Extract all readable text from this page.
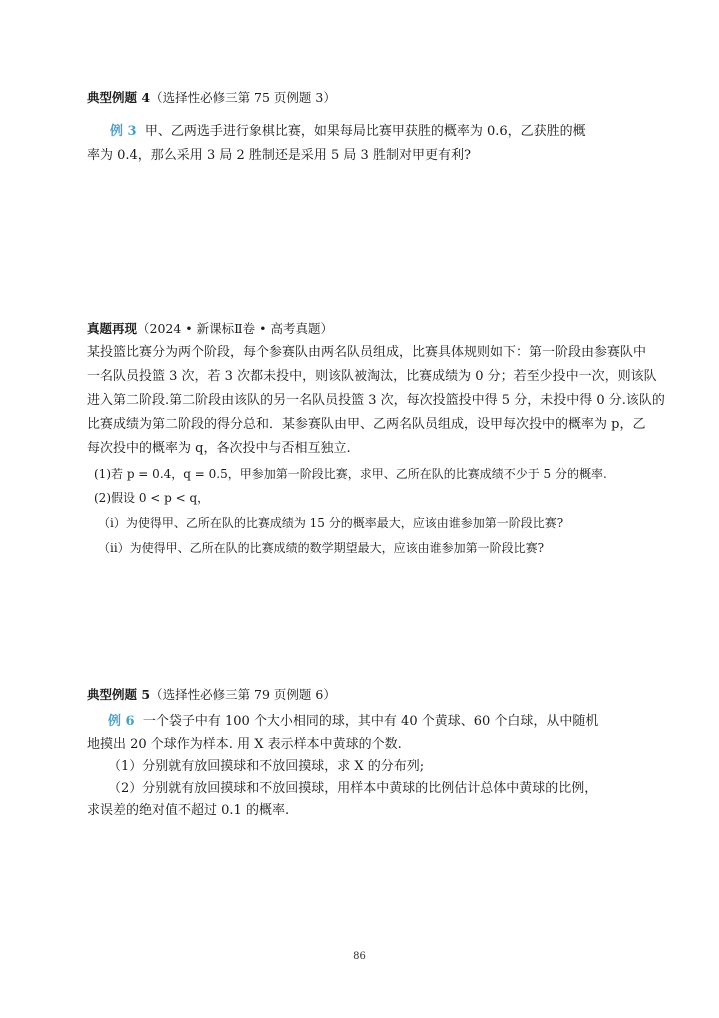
典型例题 4（选择性必修三第 75 页例题 3）
例 3 甲、乙两选手进行象棋比赛，如果每局比赛甲获胜的概率为 0.6，乙获胜的概
率为 0.4，那么采用 3 局 2 胜制还是采用 5 局 3 胜制对甲更有利?
真题再现（2024 • 新课标Ⅱ卷 • 高考真题）
某投篮比赛分为两个阶段，每个参赛队由两名队员组成，比赛具体规则如下：第一阶段由参赛队中
一名队员投篮 3 次，若 3 次都未投中，则该队被淘汰，比赛成绩为 0 分；若至少投中一次，则该队
进入第二阶段.第二阶段由该队的另一名队员投篮 3 次，每次投篮投中得 5 分，未投中得 0 分.该队的
比赛成绩为第二阶段的得分总和．某参赛队由甲、乙两名队员组成，设甲每次投中的概率为 p，乙
每次投中的概率为 q，各次投中与否相互独立.
(1)若 p = 0.4，q = 0.5，甲参加第一阶段比赛，求甲、乙所在队的比赛成绩不少于 5 分的概率.
(2)假设 0 < p < q，
（i）为使得甲、乙所在队的比赛成绩为 15 分的概率最大，应该由谁参加第一阶段比赛?
（ii）为使得甲、乙所在队的比赛成绩的数学期望最大，应该由谁参加第一阶段比赛?
典型例题 5（选择性必修三第 79 页例题 6）
例 6 一个袋子中有 100 个大小相同的球，其中有 40 个黄球、60 个白球，从中随机
地摸出 20 个球作为样本. 用 X 表示样本中黄球的个数.
（1）分别就有放回摸球和不放回摸球，求 X 的分布列;
（2）分别就有放回摸球和不放回摸球，用样本中黄球的比例估计总体中黄球的比例，
求误差的绝对值不超过 0.1 的概率.
86
